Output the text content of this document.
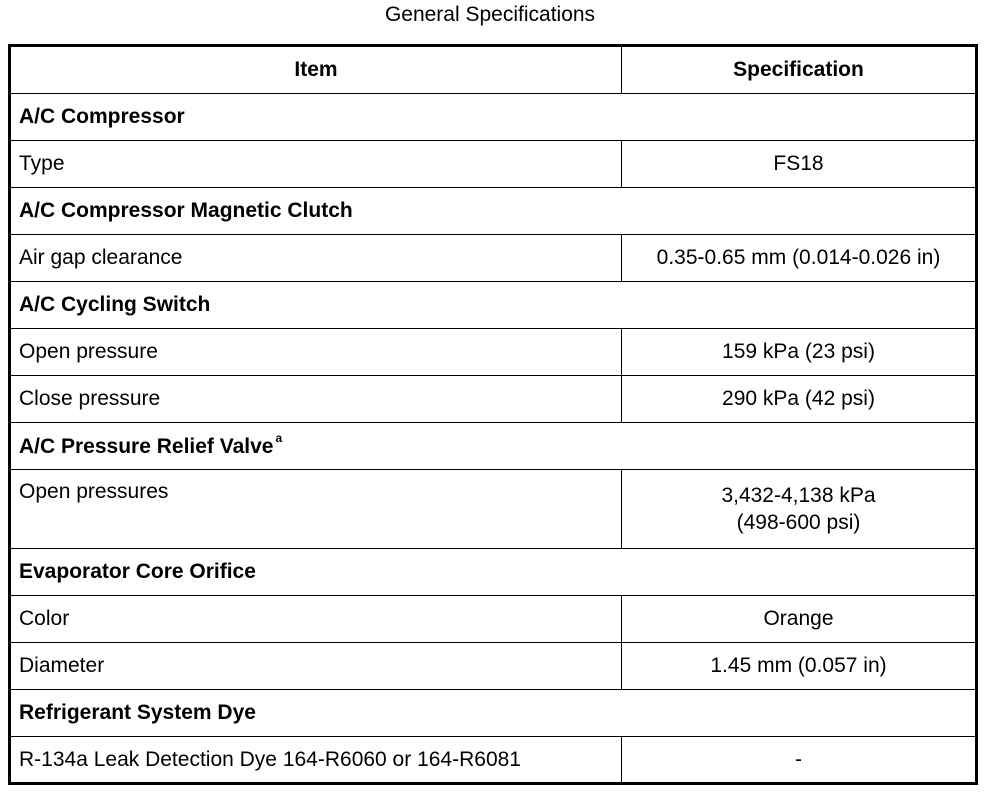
General Specifications
Item	Specification
A/C Compressor	
Type	FS18
A/C Compressor Magnetic Clutch	
Air gap clearance	0.35-0.65 mm (0.014-0.026 in)
A/C Cycling Switch	
Open pressure	159 kPa (23 psi)
Close pressure	290 kPa (42 psi)
A/C Pressure Relief Valve $^a$
Open pressures	3,432-4,138 kPa
(498-600 psi)

Evaporator Core Orifice	
Color	Orange
Diameter	1.45 mm (0.057 in)
Refrigerant System Dye	
R-134a Leak Detection Dye 164-R6060 or 164-R6081	-
